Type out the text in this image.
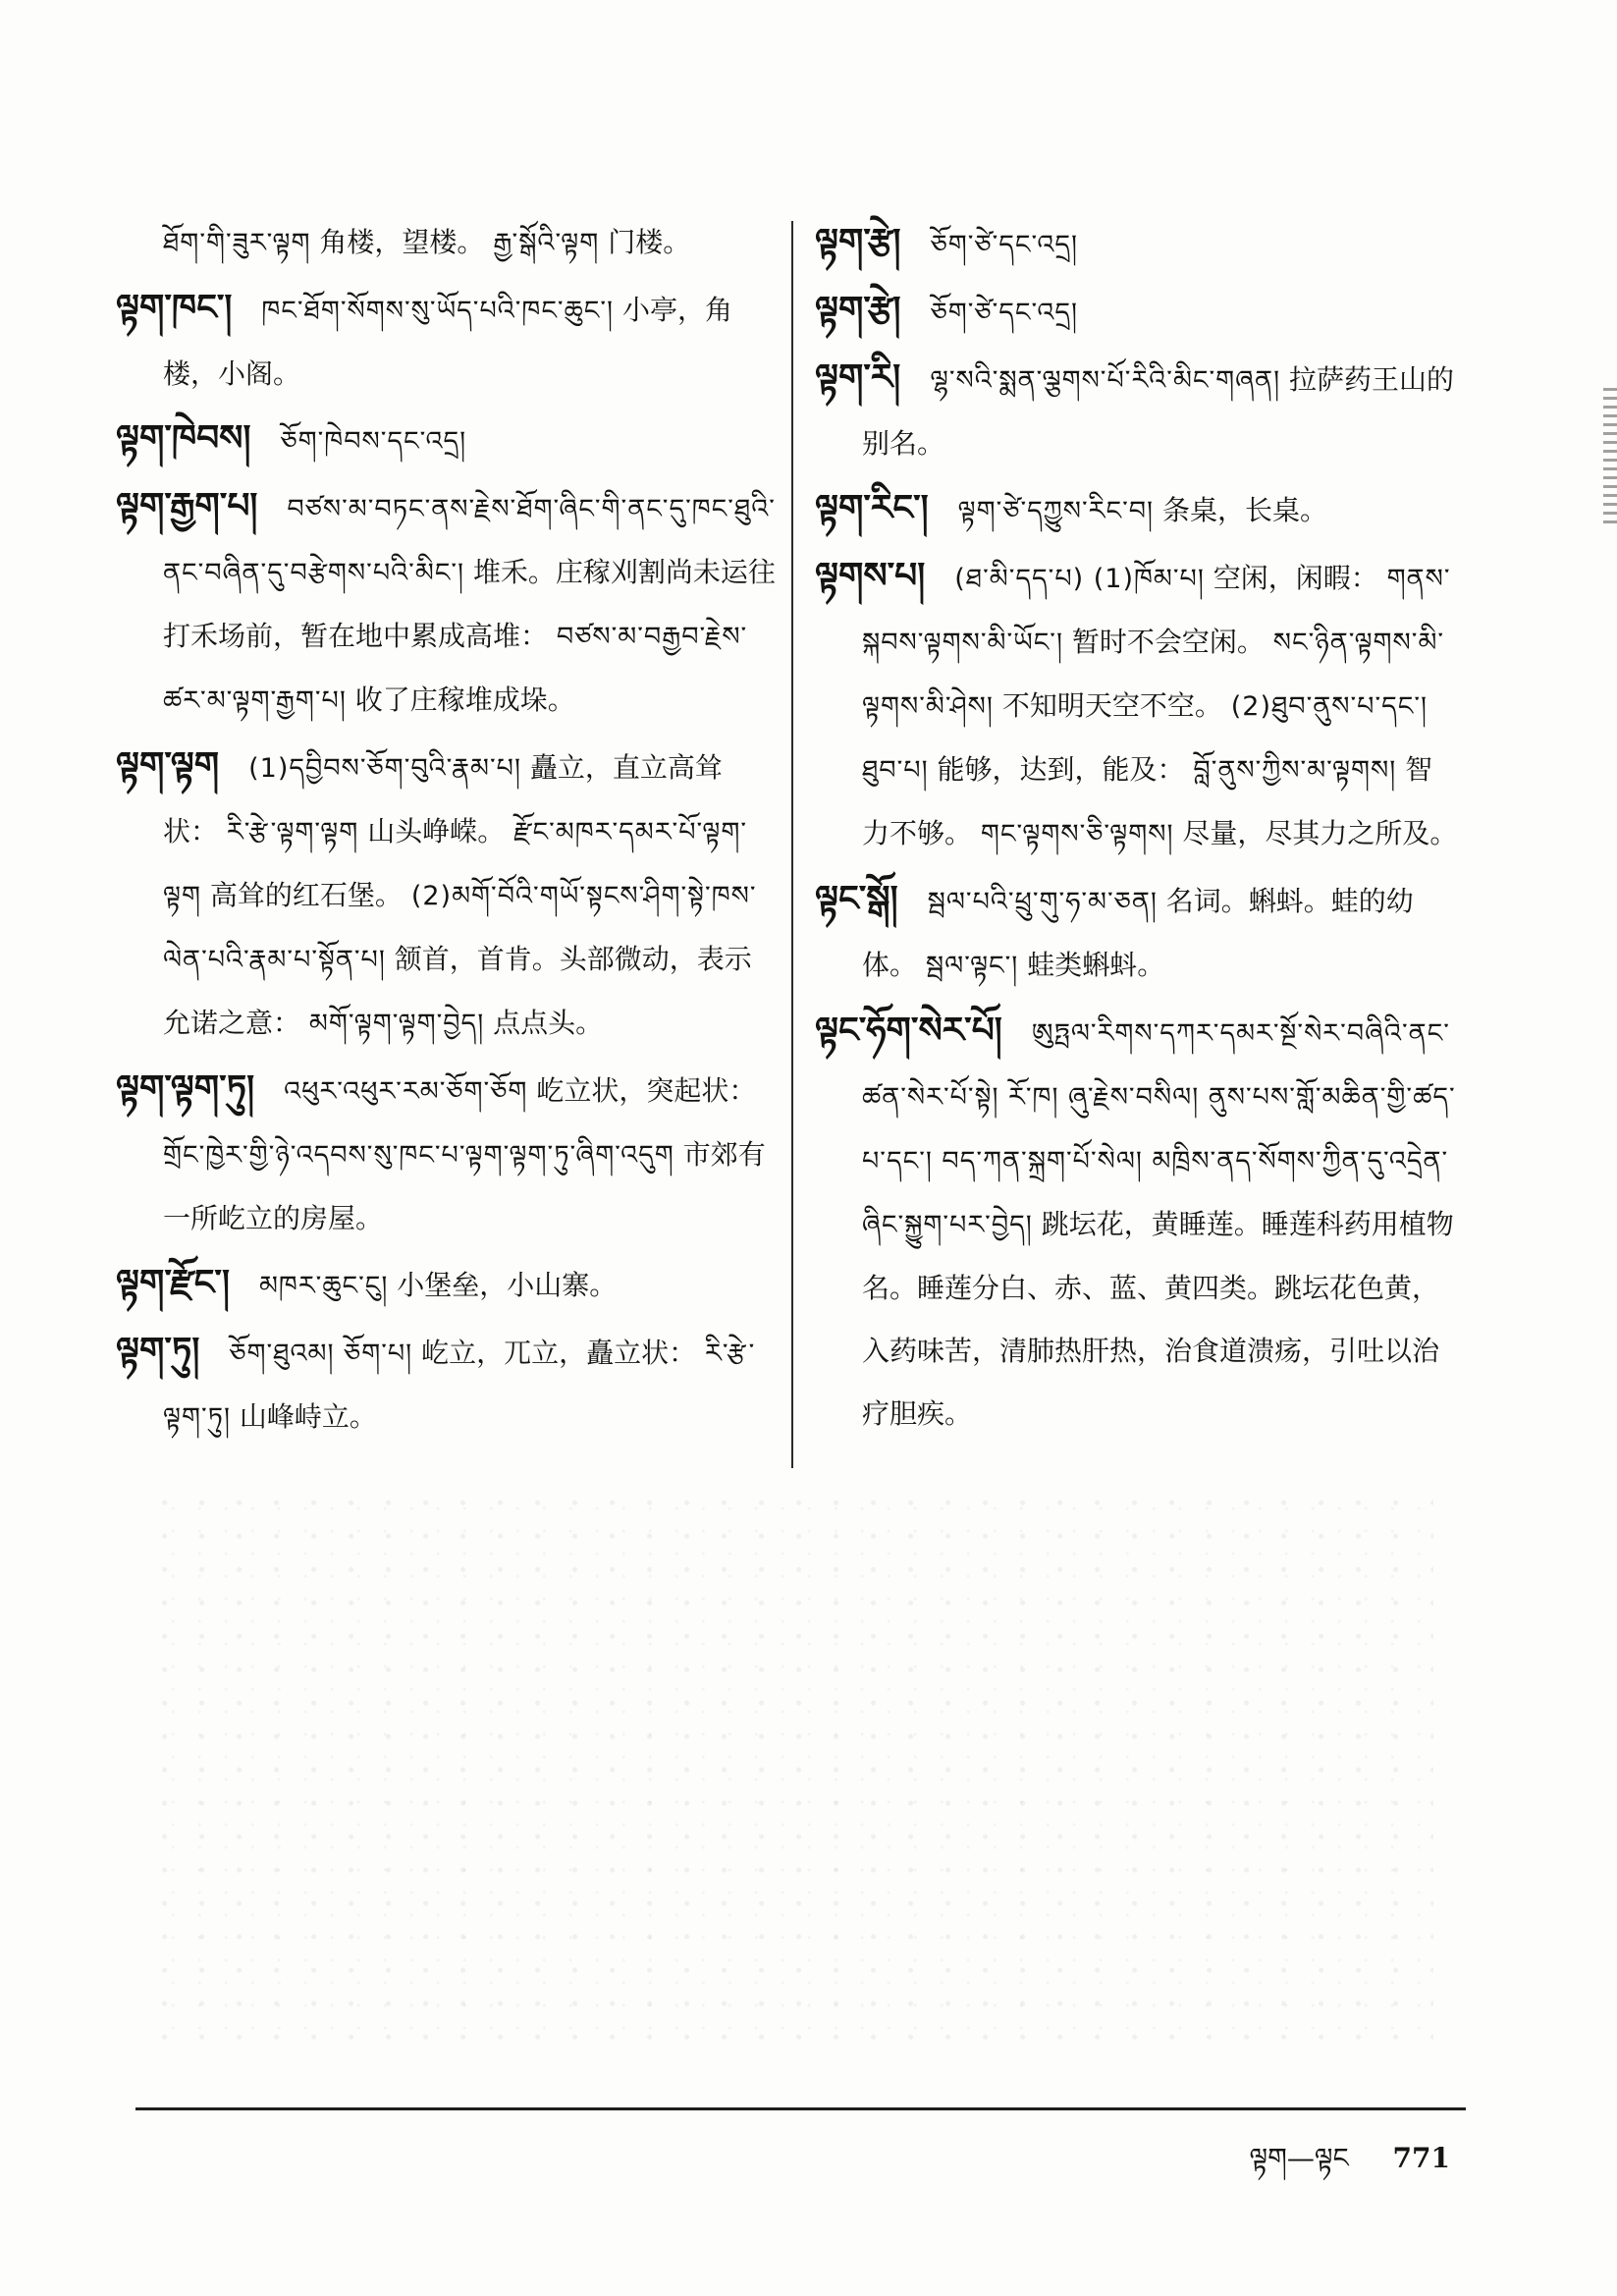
ཐོག་གི་ཟུར་ལྟག 角楼，望楼。 རྒྱ་སྒོའི་ལྟག 门楼。

ལྟག་ཁང་། ཁང་ཐོག་སོགས་སུ་ཡོད་པའི་ཁང་ཆུང་། 小亭，角楼，小阁。

ལྟག་ཁེབས། ཅོག་ཁེབས་དང་འདྲ།

ལྟག་རྒྱག་པ། བཙས་མ་བཏང་ནས་རྗེས་ཐོག་ཞིང་གི་ནང་དུ་ཁང་ཐུའི་ནང་བཞིན་དུ་བརྩེགས་པའི་མིང་། 堆禾。庄稼刈割尚未运往打禾场前，暂在地中累成高堆： བཙས་མ་བརྒྱབ་རྗེས་ཚར་མ་ལྟག་རྒྱག་པ། 收了庄稼堆成垛。

ལྟག་ལྟག (1)དབྱིབས་ཅོག་བུའི་རྣམ་པ། 矗立，直立高耸状： རི་རྩེ་ལྟག་ལྟག 山头峥嵘。 རྫོང་མཁར་དམར་པོ་ལྟག་ལྟག 高耸的红石堡。 (2)མགོ་བོའི་གཡོ་སྟངས་ཤིག་སྟེ་ཁས་ལེན་པའི་རྣམ་པ་སྟོན་པ། 颔首，首肯。头部微动，表示允诺之意： མགོ་ལྟག་ལྟག་བྱེད། 点点头。

ལྟག་ལྟག་ཏུ། འཕུར་འཕུར་རམ་ཅོག་ཅོག 屹立状，突起状： གྲོང་ཁྱེར་གྱི་ཉེ་འདབས་སུ་ཁང་པ་ལྟག་ལྟག་ཏུ་ཞིག་འདུག 市郊有一所屹立的房屋。

ལྟག་རྫོང་། མཁར་ཆུང་ངུ། 小堡垒，小山寨。

ལྟག་ཏུ། ཅོག་ཐུའམ། ཅོག་པ། 屹立，兀立，矗立状： རི་རྩེ་ལྟག་ཏུ། 山峰峙立。

ལྟག་རྩེ། ཅོག་ཙེ་དང་འདྲ།

ལྟག་རྩེ། ཅོག་ཙེ་དང་འདྲ།

ལྟག་རི། ལྷ་སའི་སྨན་ལྕགས་པོ་རིའི་མིང་གཞན། 拉萨药王山的别名。

ལྟག་རིང་། ལྟག་ཙེ་དཀྱུས་རིང་བ། 条桌，长桌。

ལྟགས་པ། (ཐ་མི་དད་པ) (1)ཁོམ་པ། 空闲，闲暇： གནས་སྐབས་ལྟགས་མི་ཡོང་། 暂时不会空闲。 སང་ཉིན་ལྟགས་མི་ལྟགས་མི་ཤེས། 不知明天空不空。 (2)ཐུབ་ནུས་པ་དང་། ཐུབ་པ། 能够，达到，能及： བློ་ནུས་ཀྱིས་མ་ལྟགས། 智力不够。 གང་ལྟགས་ཅི་ལྟགས། 尽量，尽其力之所及。

ལྟང་སྒོ། སྦལ་པའི་ཕྲུ་གུ་ཧ་མ་ཅན། 名词。蝌蚪。蛙的幼体。 སྦལ་ལྟང་། 蛙类蝌蚪。

ལྟང་ཧོག་སེར་པོ། ཨུཏྤལ་རིགས་དཀར་དམར་སྔོ་སེར་བཞིའི་ནང་ཚན་སེར་པོ་སྟེ། རོ་ཁ། ཞུ་རྗེས་བསིལ། ནུས་པས་གློ་མཆིན་གྱི་ཚད་པ་དང་། བད་ཀན་སྐྲག་པོ་སེལ། མཁྲིས་ནད་སོགས་ཀྱིན་དུ་འདྲེན་ཞིང་སྐྱུག་པར་བྱེད། 跳坛花，黄睡莲。睡莲科药用植物名。睡莲分白、赤、蓝、黄四类。跳坛花色黄，入药味苦，清肺热肝热，治食道溃疡，引吐以治疗胆疾。

ལྟག—ལྟང 771
